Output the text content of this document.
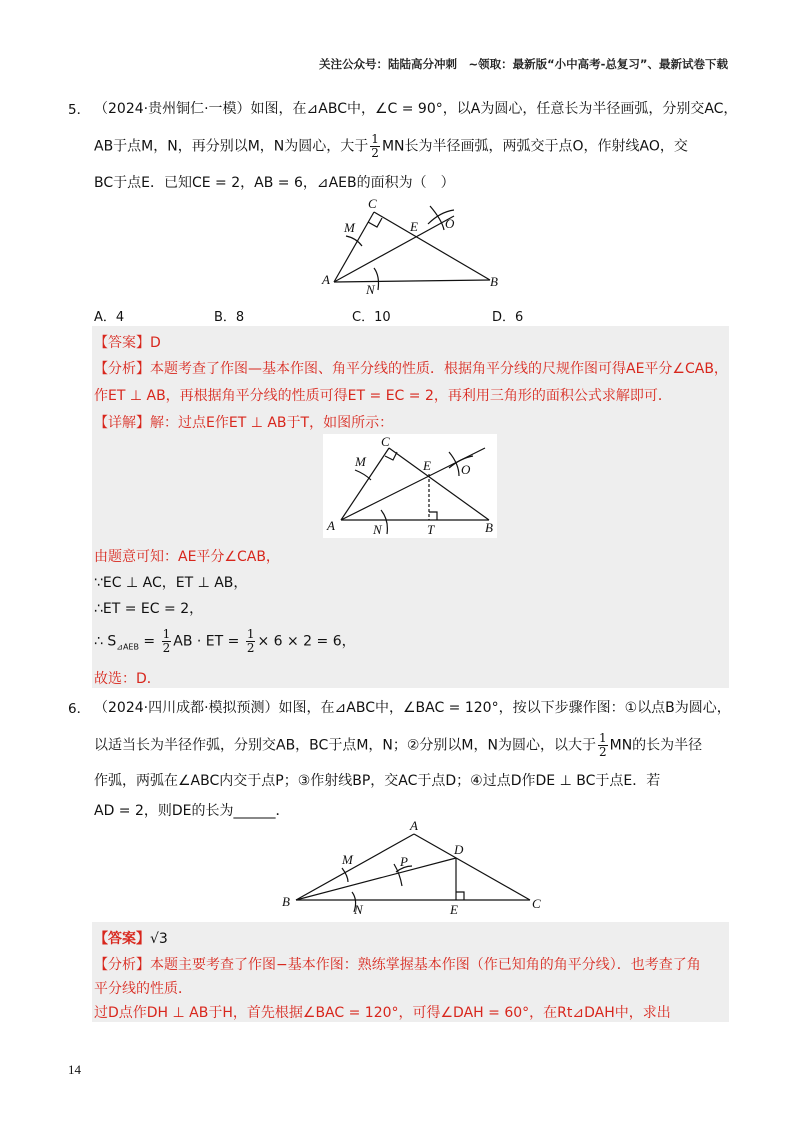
关注公众号：陆陆高分冲刺　~领取：最新版“小中高考-总复习”、最新试卷下载
5． （2024·贵州铜仁·一模）如图，在⊿ABC中，∠C = 90°，以A为圆心，任意长为半径画弧，分别交AC，
AB于点M，N，再分别以M，N为圆心，大于 $\frac{1}{2}$ MN长为半径画弧，两弧交于点O，作射线AO，交
BC于点E．已知CE = 2，AB = 6，⊿AEB的面积为（　）
C
M	E O
A
N
B
A．4	B．8	C．10	D．6
【答案】D
【分析】本题考查了作图—基本作图、角平分线的性质．根据角平分线的尺规作图可得AE平分∠CAB，
作ET ⊥ AB，再根据角平分线的性质可得ET = EC = 2，再利用三角形的面积公式求解即可．
【详解】解：过点E作ET ⊥ AB于T，如图所示：
C
M	E O
A	N	T	B
由题意可知：AE平分∠CAB，
∵EC ⊥ AC，ET ⊥ AB，
∴ET = EC = 2，
∴ $S_{⊿AEB} = \frac{1}{2}$ AB · ET = $\frac{1}{2} \times 6 \times 2 = 6$，
故选：D．
6． （2024·四川成都·模拟预测）如图，在⊿ABC中，∠BAC = 120°，按以下步骤作图：①以点B为圆心，
以适当长为半径作弧，分别交AB，BC于点M，N；②分别以M，N为圆心，以大于 $\frac{1}{2}$ MN的长为半径
作弧，两弧在∠ABC内交于点P；③作射线BP，交AC于点D；④过点D作DE ⊥ BC于点E．若
AD = 2，则DE的长为______．
A
M	P
D
B
N	E	C
【答案】√3
【分析】本题主要考查了作图−基本作图：熟练掌握基本作图（作已知角的角平分线）．也考查了角
平分线的性质．
过D点作DH ⊥ AB于H，首先根据∠BAC = 120°，可得∠DAH = 60°，在Rt⊿DAH中，求出
14
